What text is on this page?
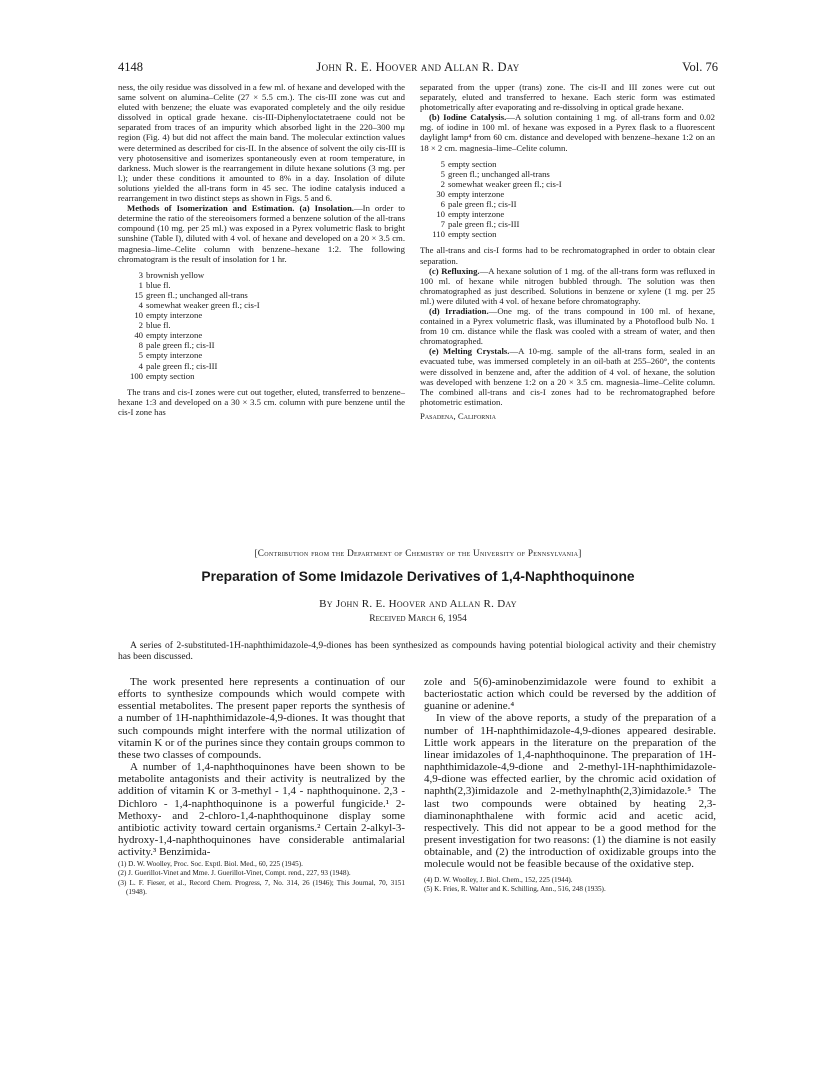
4148	John R. E. Hoover and Allan R. Day	Vol. 76

ness, the oily residue was dissolved in a few ml. of hexane and developed with the same solvent on alumina–Celite (27 × 5.5 cm.). The cis-III zone was cut and eluted with benzene; the eluate was evaporated completely and the oily residue dissolved in optical grade hexane. cis-III-Diphenyloctatetraene could not be separated from traces of an impurity which absorbed light in the 220–300 mμ region (Fig. 4) but did not affect the main band. The molecular extinction values were determined as described for cis-II. In the absence of solvent the oily cis-III is very photosensitive and isomerizes spontaneously even at room temperature, in darkness. Much slower is the rearrangement in dilute hexane solutions (3 mg. per l.); under these conditions it amounted to 8% in a day. Insolation of dilute solutions yielded the all-trans form in 45 sec. The iodine catalysis induced a rearrangement in two distinct steps as shown in Figs. 5 and 6.

Methods of Isomerization and Estimation. (a) Insolation.—In order to determine the ratio of the stereoisomers formed a benzene solution of the all-trans compound (10 mg. per 25 ml.) was exposed in a Pyrex volumetric flask to bright sunshine (Table I), diluted with 4 vol. of hexane and developed on a 20 × 3.5 cm. magnesia–lime–Celite column with benzene–hexane 1:2. The following chromatogram is the result of insolation for 1 hr.

3 brownish yellow
1 blue fl.
15 green fl.; unchanged all-trans
4 somewhat weaker green fl.; cis-I
10 empty interzone
2 blue fl.
40 empty interzone
8 pale green fl.; cis-II
5 empty interzone
4 pale green fl.; cis-III
100 empty section

The trans and cis-I zones were cut out together, eluted, transferred to benzene–hexane 1:3 and developed on a 30 × 3.5 cm. column with pure benzene until the cis-I zone has

separated from the upper (trans) zone. The cis-II and III zones were cut out separately, eluted and transferred to hexane. Each steric form was estimated photometrically after evaporating and re-dissolving in optical grade hexane.

(b) Iodine Catalysis.—A solution containing 1 mg. of all-trans form and 0.02 mg. of iodine in 100 ml. of hexane was exposed in a Pyrex flask to a fluorescent daylight lamp⁴ from 60 cm. distance and developed with benzene–hexane 1:2 on an 18 × 2 cm. magnesia–lime–Celite column.

5 empty section
5 green fl.; unchanged all-trans
2 somewhat weaker green fl.; cis-I
30 empty interzone
6 pale green fl.; cis-II
10 empty interzone
7 pale green fl.; cis-III
110 empty section

The all-trans and cis-I forms had to be rechromatographed in order to obtain clear separation.

(c) Refluxing.—A hexane solution of 1 mg. of the all-trans form was refluxed in 100 ml. of hexane while nitrogen bubbled through. The solution was then chromatographed as just described. Solutions in benzene or xylene (1 mg. per 25 ml.) were diluted with 4 vol. of hexane before chromatography.

(d) Irradiation.—One mg. of the trans compound in 100 ml. of hexane, contained in a Pyrex volumetric flask, was illuminated by a Photoflood bulb No. 1 from 10 cm. distance while the flask was cooled with a stream of water, and then chromatographed.

(e) Melting Crystals.—A 10-mg. sample of the all-trans form, sealed in an evacuated tube, was immersed completely in an oil-bath at 255–260°, the contents were dissolved in benzene and, after the addition of 4 vol. of hexane, the solution was developed with benzene 1:2 on a 20 × 3.5 cm. magnesia–lime–Celite column. The combined all-trans and cis-I zones had to be rechromatographed before photometric estimation.

Pasadena, California

[Contribution from the Department of Chemistry of the University of Pennsylvania]
Preparation of Some Imidazole Derivatives of 1,4-Naphthoquinone
By John R. E. Hoover and Allan R. Day
Received March 6, 1954
A series of 2-substituted-1H-naphthimidazole-4,9-diones has been synthesized as compounds having potential biological activity and their chemistry has been discussed.

The work presented here represents a continuation of our efforts to synthesize compounds which would compete with essential metabolites. The present paper reports the synthesis of a number of 1H-naphthimidazole-4,9-diones. It was thought that such compounds might interfere with the normal utilization of vitamin K or of the purines since they contain groups common to these two classes of compounds.

A number of 1,4-naphthoquinones have been shown to be metabolite antagonists and their activity is neutralized by the addition of vitamin K or 3-methyl - 1,4 - naphthoquinone. 2,3 - Dichloro - 1,4-naphthoquinone is a powerful fungicide.¹ 2-Methoxy- and 2-chloro-1,4-naphthoquinone display some antibiotic activity toward certain organisms.² Certain 2-alkyl-3-hydroxy-1,4-naphthoquinones have considerable antimalarial activity.³ Benzimida-

(1) D. W. Woolley, Proc. Soc. Exptl. Biol. Med., 60, 225 (1945).
(2) J. Guerillot-Vinet and Mme. J. Guerillot-Vinet, Compt. rend., 227, 93 (1948).
(3) L. F. Fieser, et al., Record Chem. Progress, 7, No. 314, 26 (1946); This Journal, 70, 3151 (1948).

zole and 5(6)-aminobenzimidazole were found to exhibit a bacteriostatic action which could be reversed by the addition of guanine or adenine.⁴

In view of the above reports, a study of the preparation of a number of 1H-naphthimidazole-4,9-diones appeared desirable. Little work appears in the literature on the preparation of the linear imidazoles of 1,4-naphthoquinone. The preparation of 1H-naphthimidazole-4,9-dione and 2-methyl-1H-naphthimidazole-4,9-dione was effected earlier, by the chromic acid oxidation of naphth(2,3)imidazole and 2-methylnaphth(2,3)imidazole.⁵ The last two compounds were obtained by heating 2,3-diaminonaphthalene with formic acid and acetic acid, respectively. This did not appear to be a good method for the present investigation for two reasons: (1) the diamine is not easily obtainable, and (2) the introduction of oxidizable groups into the molecule would not be feasible because of the oxidative step.

(4) D. W. Woolley, J. Biol. Chem., 152, 225 (1944).
(5) K. Fries, R. Walter and K. Schilling, Ann., 516, 248 (1935).
